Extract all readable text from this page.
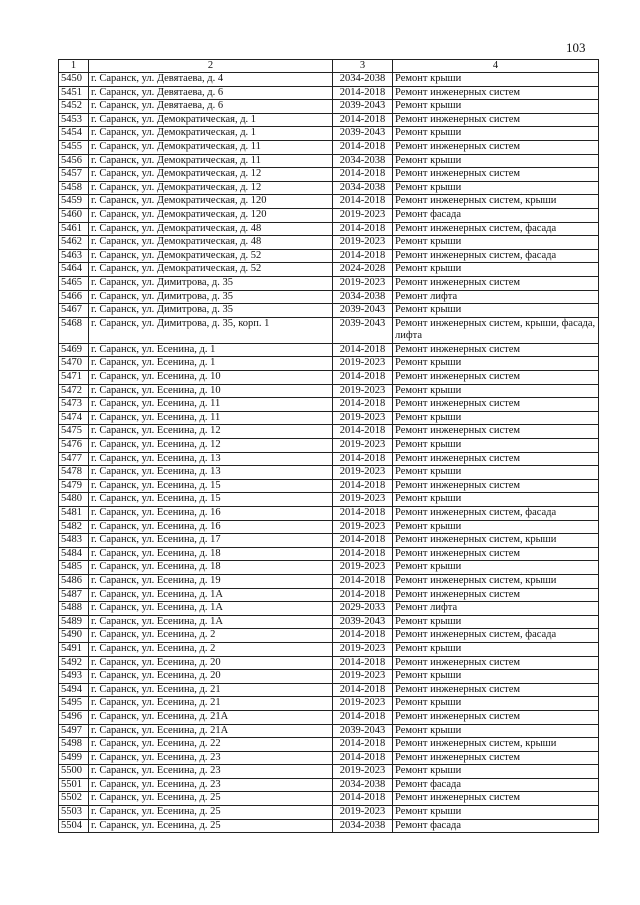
103
1	2	3	4
5450	г. Саранск, ул. Девятаева, д. 4	2034-2038	Ремонт крыши
5451	г. Саранск, ул. Девятаева, д. 6	2014-2018	Ремонт инженерных систем
5452	г. Саранск, ул. Девятаева, д. 6	2039-2043	Ремонт крыши
5453	г. Саранск, ул. Демократическая, д. 1	2014-2018	Ремонт инженерных систем
5454	г. Саранск, ул. Демократическая, д. 1	2039-2043	Ремонт крыши
5455	г. Саранск, ул. Демократическая, д. 11	2014-2018	Ремонт инженерных систем
5456	г. Саранск, ул. Демократическая, д. 11	2034-2038	Ремонт крыши
5457	г. Саранск, ул. Демократическая, д. 12	2014-2018	Ремонт инженерных систем
5458	г. Саранск, ул. Демократическая, д. 12	2034-2038	Ремонт крыши
5459	г. Саранск, ул. Демократическая, д. 120	2014-2018	Ремонт инженерных систем, крыши
5460	г. Саранск, ул. Демократическая, д. 120	2019-2023	Ремонт фасада
5461	г. Саранск, ул. Демократическая, д. 48	2014-2018	Ремонт инженерных систем, фасада
5462	г. Саранск, ул. Демократическая, д. 48	2019-2023	Ремонт крыши
5463	г. Саранск, ул. Демократическая, д. 52	2014-2018	Ремонт инженерных систем, фасада
5464	г. Саранск, ул. Демократическая, д. 52	2024-2028	Ремонт крыши
5465	г. Саранск, ул. Димитрова, д. 35	2019-2023	Ремонт инженерных систем
5466	г. Саранск, ул. Димитрова, д. 35	2034-2038	Ремонт лифта
5467	г. Саранск, ул. Димитрова, д. 35	2039-2043	Ремонт крыши
5468	г. Саранск, ул. Димитрова, д. 35, корп. 1	2039-2043	Ремонт инженерных систем, крыши, фасада, лифта
5469	г. Саранск, ул. Есенина, д. 1	2014-2018	Ремонт инженерных систем
5470	г. Саранск, ул. Есенина, д. 1	2019-2023	Ремонт крыши
5471	г. Саранск, ул. Есенина, д. 10	2014-2018	Ремонт инженерных систем
5472	г. Саранск, ул. Есенина, д. 10	2019-2023	Ремонт крыши
5473	г. Саранск, ул. Есенина, д. 11	2014-2018	Ремонт инженерных систем
5474	г. Саранск, ул. Есенина, д. 11	2019-2023	Ремонт крыши
5475	г. Саранск, ул. Есенина, д. 12	2014-2018	Ремонт инженерных систем
5476	г. Саранск, ул. Есенина, д. 12	2019-2023	Ремонт крыши
5477	г. Саранск, ул. Есенина, д. 13	2014-2018	Ремонт инженерных систем
5478	г. Саранск, ул. Есенина, д. 13	2019-2023	Ремонт крыши
5479	г. Саранск, ул. Есенина, д. 15	2014-2018	Ремонт инженерных систем
5480	г. Саранск, ул. Есенина, д. 15	2019-2023	Ремонт крыши
5481	г. Саранск, ул. Есенина, д. 16	2014-2018	Ремонт инженерных систем, фасада
5482	г. Саранск, ул. Есенина, д. 16	2019-2023	Ремонт крыши
5483	г. Саранск, ул. Есенина, д. 17	2014-2018	Ремонт инженерных систем, крыши
5484	г. Саранск, ул. Есенина, д. 18	2014-2018	Ремонт инженерных систем
5485	г. Саранск, ул. Есенина, д. 18	2019-2023	Ремонт крыши
5486	г. Саранск, ул. Есенина, д. 19	2014-2018	Ремонт инженерных систем, крыши
5487	г. Саранск, ул. Есенина, д. 1А	2014-2018	Ремонт инженерных систем
5488	г. Саранск, ул. Есенина, д. 1А	2029-2033	Ремонт лифта
5489	г. Саранск, ул. Есенина, д. 1А	2039-2043	Ремонт крыши
5490	г. Саранск, ул. Есенина, д. 2	2014-2018	Ремонт инженерных систем, фасада
5491	г. Саранск, ул. Есенина, д. 2	2019-2023	Ремонт крыши
5492	г. Саранск, ул. Есенина, д. 20	2014-2018	Ремонт инженерных систем
5493	г. Саранск, ул. Есенина, д. 20	2019-2023	Ремонт крыши
5494	г. Саранск, ул. Есенина, д. 21	2014-2018	Ремонт инженерных систем
5495	г. Саранск, ул. Есенина, д. 21	2019-2023	Ремонт крыши
5496	г. Саранск, ул. Есенина, д. 21А	2014-2018	Ремонт инженерных систем
5497	г. Саранск, ул. Есенина, д. 21А	2039-2043	Ремонт крыши
5498	г. Саранск, ул. Есенина, д. 22	2014-2018	Ремонт инженерных систем, крыши
5499	г. Саранск, ул. Есенина, д. 23	2014-2018	Ремонт инженерных систем
5500	г. Саранск, ул. Есенина, д. 23	2019-2023	Ремонт крыши
5501	г. Саранск, ул. Есенина, д. 23	2034-2038	Ремонт фасада
5502	г. Саранск, ул. Есенина, д. 25	2014-2018	Ремонт инженерных систем
5503	г. Саранск, ул. Есенина, д. 25	2019-2023	Ремонт крыши
5504	г. Саранск, ул. Есенина, д. 25	2034-2038	Ремонт фасада
